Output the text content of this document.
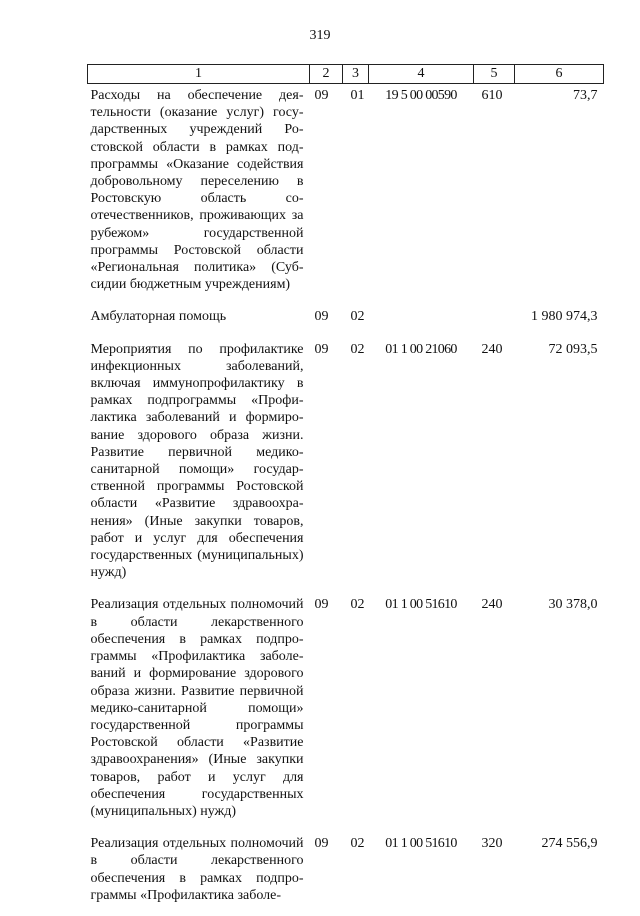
319
1	2	3	4	5	6
Расходы на обеспечение деятельности (оказание услуг) государственных учреждений Ростовской области в рамках подпрограммы «Оказание содействия добровольному переселению в Ростовскую область соотечественников, проживающих за рубежом» государственной программы Ростовской области «Региональная политика» (Субсидии бюджетным учреждениям)	09	01	19 5 00 00590	610	73,7
Амбулаторная помощь	09	02			1 980 974,3
Мероприятия по профилактике инфекционных заболеваний, включая иммунопрофилактику в рамках подпрограммы «Профилактика заболеваний и формирование здорового образа жизни. Развитие первичной медико-санитарной помощи» государственной программы Ростовской области «Развитие здравоохранения» (Иные закупки товаров, работ и услуг для обеспечения государственных (муниципальных) нужд)	09	02	01 1 00 21060	240	72 093,5
Реализация отдельных полномочий в области лекарственного обеспечения в рамках подпрограммы «Профилактика заболеваний и формирование здорового образа жизни. Развитие первичной медико-санитарной помощи» государственной программы Ростовской области «Развитие здравоохранения» (Иные закупки товаров, работ и услуг для обеспечения государственных (муниципальных) нужд)	09	02	01 1 00 51610	240	30 378,0
Реализация отдельных полномочий в области лекарственного обеспечения в рамках подпрограммы «Профилактика заболе-	09	02	01 1 00 51610	320	274 556,9
